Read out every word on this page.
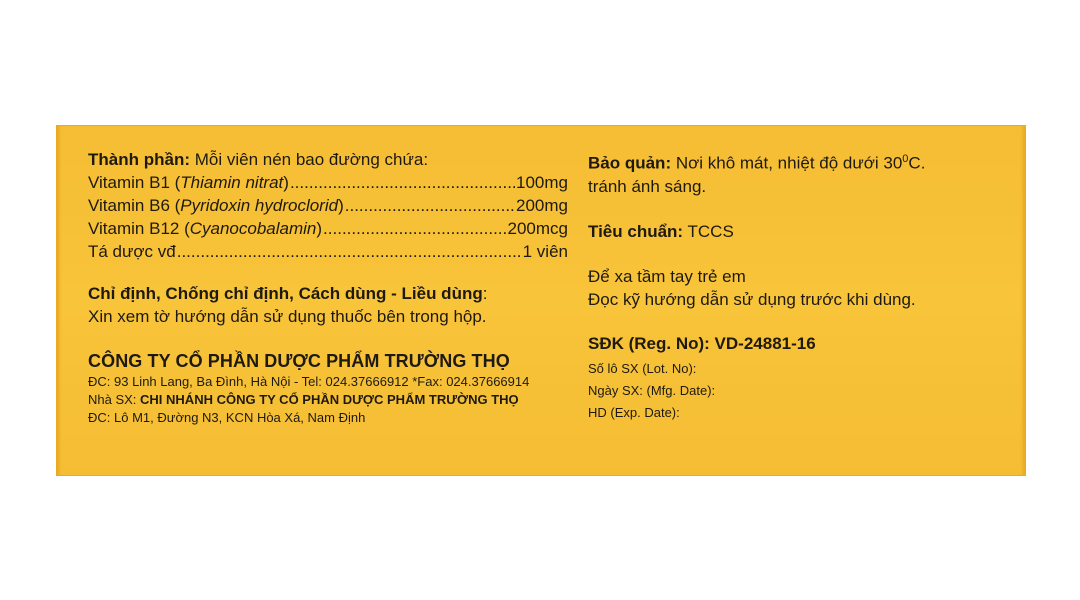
Thành phần: Mỗi viên nén bao đường chứa:
Vitamin B1 (Thiamin nitrat) .....	100mg
Vitamin B6 (Pyridoxin hydroclorid) .....	200mg
Vitamin B12 (Cyanocobalamin) .....	200mcg
Tá dược vđ .....	1 viên
Chỉ định, Chống chỉ định, Cách dùng - Liều dùng:
Xin xem tờ hướng dẫn sử dụng thuốc bên trong hộp.
CÔNG TY CỔ PHẦN DƯỢC PHẨM TRƯỜNG THỌ
ĐC: 93 Linh Lang, Ba Đình, Hà Nội - Tel: 024.37666912 *Fax: 024.37666914
Nhà SX: CHI NHÁNH CÔNG TY CỔ PHẦN DƯỢC PHẨM TRƯỜNG THỌ
ĐC: Lô M1, Đường N3, KCN Hòa Xá, Nam Định
Bảo quản: Nơi khô mát, nhiệt độ dưới $30^0C$.
tránh ánh sáng.
Tiêu chuẩn: TCCS
Để xa tầm tay trẻ em
Đọc kỹ hướng dẫn sử dụng trước khi dùng.
SĐK (Reg. No): VD-24881-16
Số lô SX (Lot. No):
Ngày SX: (Mfg. Date):
HD (Exp. Date):
